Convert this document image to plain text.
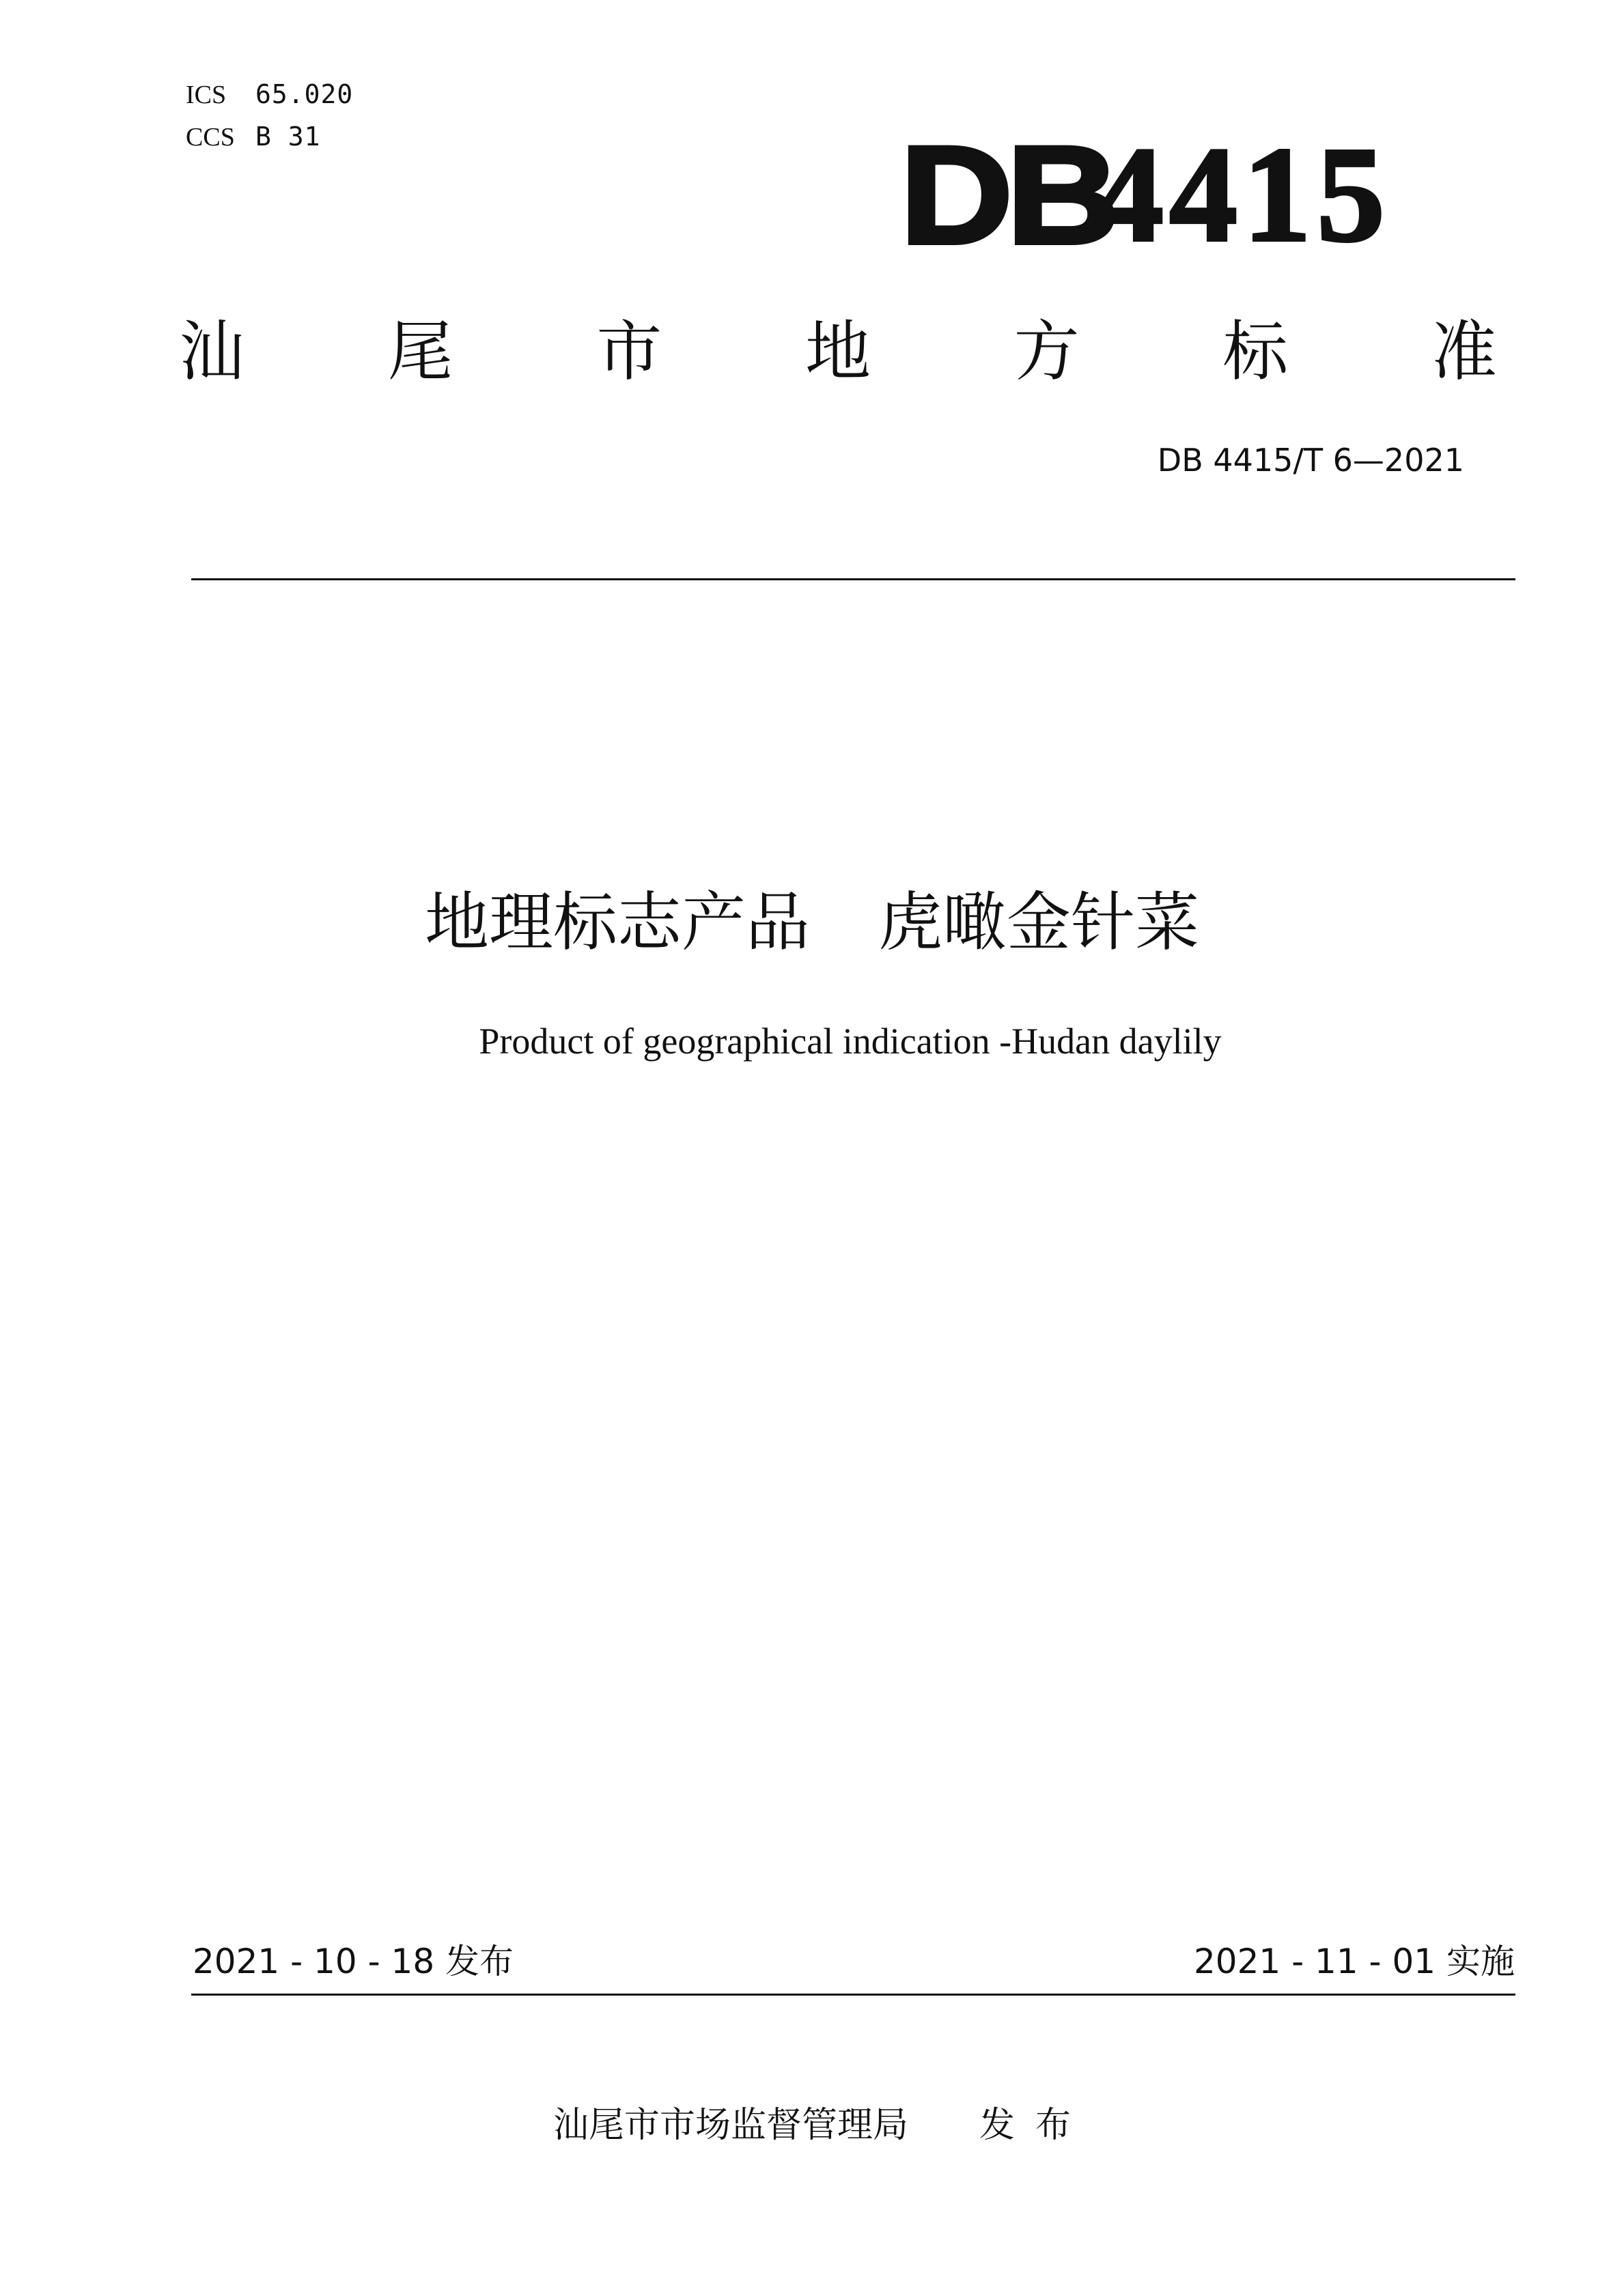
ICS 65.020
CCS B 31	DB
4415
汕 尾 市 地 方 标 准
DB 4415/T 6—2021
地理标志产品 虎噉金针菜
Product of geographical indication -Hudan daylily
2021 - 10 - 18 发布	2021 - 11 - 01 实施
汕尾市市场监督管理局 发布
